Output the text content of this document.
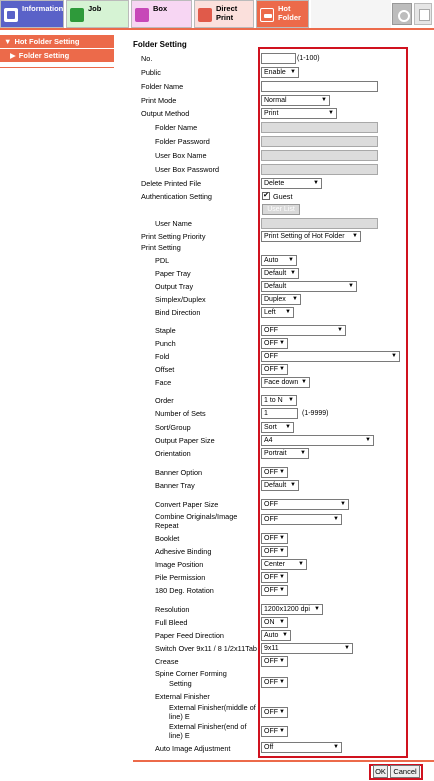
Information	Job	Box	Direct Print
Hot Folder
▼ Hot Folder Setting
▶ Folder Setting
Folder Setting
No.	(1-100)
Public	Enable ▼
Folder Name
Print Mode	Normal	▼
Output Method	Print	▼
Folder Name
Folder Password
User Box Name
User Box Password
Delete Printed File	Delete	▼
Authentication Setting	✔ Guest
User List
User Name
Print Setting Priority	Print Setting of Hot Folder ▼
Print Setting
PDL	Auto ▼
Paper Tray	Default ▼
Output Tray	Default	▼
Simplex/Duplex	Duplex ▼
Bind Direction	Left ▼
Staple	OFF	▼
Punch	OFF ▼
Fold	OFF	▼
Offset	OFF ▼
Face	Face down ▼
Order	1 to N ▼
Number of Sets	1	(1-9999)
Sort/Group	Sort ▼
Output Paper Size	A4	▼
Orientation	Portrait ▼
Banner Option	OFF ▼
Banner Tray	Default ▼
Convert Paper Size	OFF	▼
Combine Originals/Image
Repeat
OFF	▼
Booklet	OFF ▼
Adhesive Binding	OFF ▼
Image Position	Center ▼
Pile Permission	OFF ▼
180 Deg. Rotation	OFF ▼
Resolution	1200x1200 dpi ▼
Full Bleed	ON ▼
Paper Feed Direction	Auto ▼
Switch Over 9x11 / 8 1/2x11Tab	9x11	▼
Crease	OFF ▼
Spine Corner Forming
Setting	OFF ▼
External Finisher
External Finisher(middle of
line) E	OFF ▼
External Finisher(end of
line) E	OFF ▼
Auto Image Adjustment	Off	▼
OK Cancel
